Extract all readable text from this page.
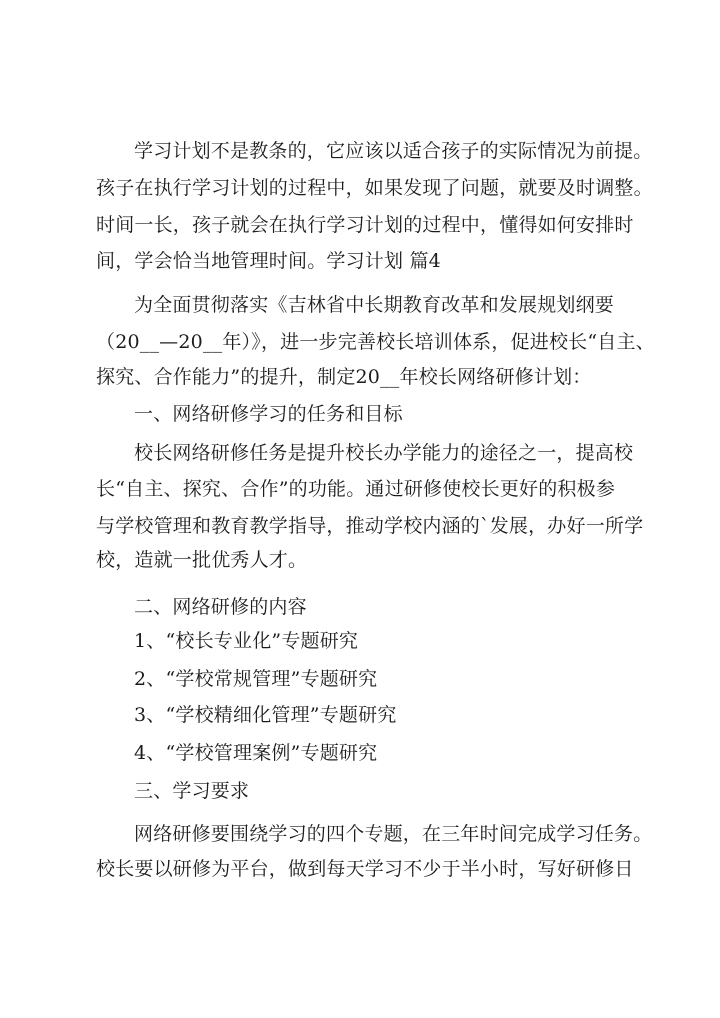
学习计划不是教条的，它应该以适合孩子的实际情况为前提。
孩子在执行学习计划的过程中，如果发现了问题，就要及时调整。
时间一长，孩子就会在执行学习计划的过程中，懂得如何安排时
间，学会恰当地管理时间。学习计划 篇4
为全面贯彻落实《吉林省中长期教育改革和发展规划纲要
（20__—20__年）》，进一步完善校长培训体系，促进校长“自主、
探究、合作能力”的提升，制定20__年校长网络研修计划：
一、网络研修学习的任务和目标
校长网络研修任务是提升校长办学能力的途径之一，提高校
长“自主、探究、合作”的功能。通过研修使校长更好的积极参
与学校管理和教育教学指导，推动学校内涵的`发展，办好一所学
校，造就一批优秀人才。
二、网络研修的内容
1、“校长专业化”专题研究
2、“学校常规管理”专题研究
3、“学校精细化管理”专题研究
4、“学校管理案例”专题研究
三、学习要求
网络研修要围绕学习的四个专题，在三年时间完成学习任务。
校长要以研修为平台，做到每天学习不少于半小时，写好研修日
